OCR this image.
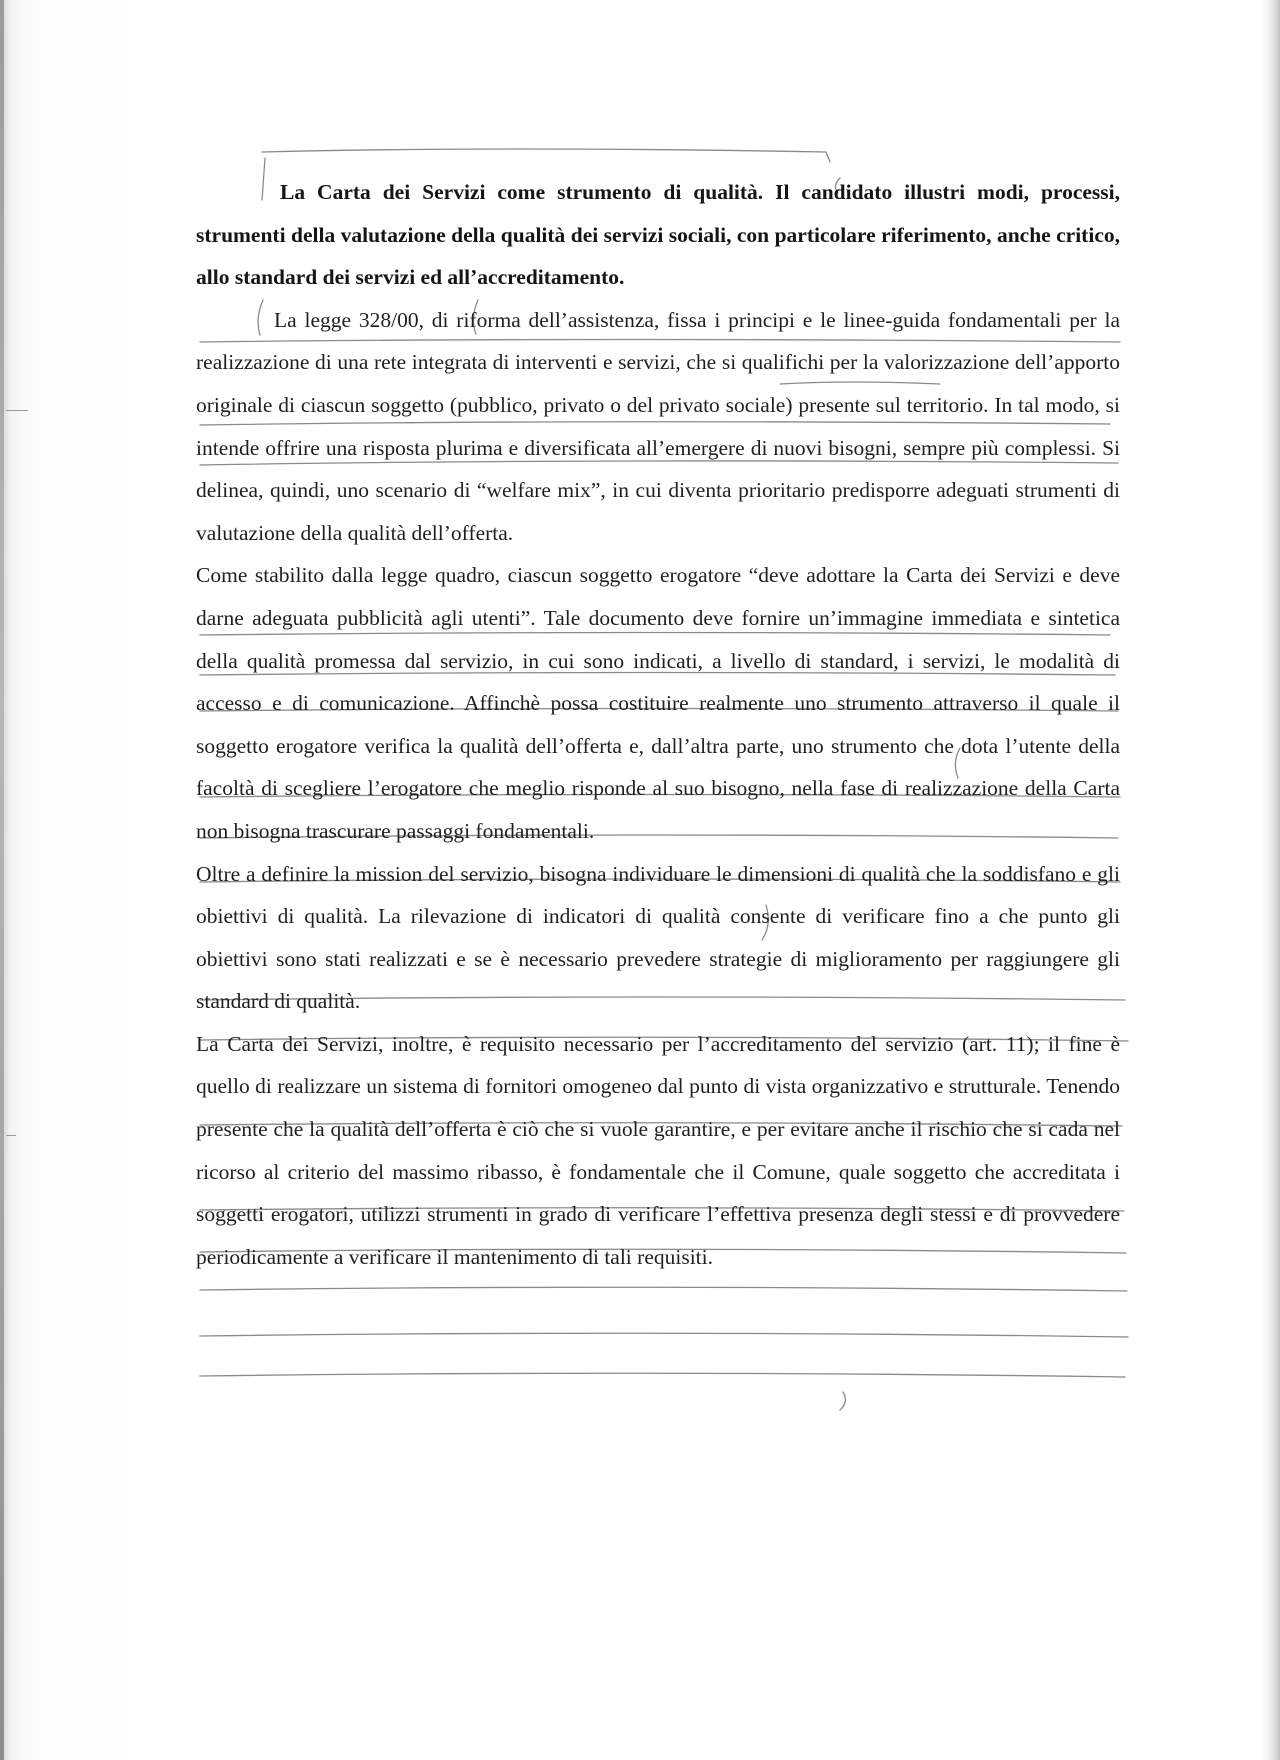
La Carta dei Servizi come strumento di qualità. Il candidato illustri modi, processi, strumenti della valutazione della qualità dei servizi sociali, con particolare riferimento, anche critico, allo standard dei servizi ed all’accreditamento.

La legge 328/00, di riforma dell’assistenza, fissa i principi e le linee-guida fondamentali per la realizzazione di una rete integrata di interventi e servizi, che si qualifichi per la valorizzazione dell’apporto originale di ciascun soggetto (pubblico, privato o del privato sociale) presente sul territorio. In tal modo, si intende offrire una risposta plurima e diversificata all’emergere di nuovi bisogni, sempre più complessi. Si delinea, quindi, uno scenario di “welfare mix”, in cui diventa prioritario predisporre adeguati strumenti di valutazione della qualità dell’offerta.

Come stabilito dalla legge quadro, ciascun soggetto erogatore “deve adottare la Carta dei Servizi e deve darne adeguata pubblicità agli utenti”. Tale documento deve fornire un’immagine immediata e sintetica della qualità promessa dal servizio, in cui sono indicati, a livello di standard, i servizi, le modalità di accesso e di comunicazione. Affinchè possa costituire realmente uno strumento attraverso il quale il soggetto erogatore verifica la qualità dell’offerta e, dall’altra parte, uno strumento che dota l’utente della facoltà di scegliere l’erogatore che meglio risponde al suo bisogno, nella fase di realizzazione della Carta non bisogna trascurare passaggi fondamentali.

Oltre a definire la mission del servizio, bisogna individuare le dimensioni di qualità che la soddisfano e gli obiettivi di qualità. La rilevazione di indicatori di qualità consente di verificare fino a che punto gli obiettivi sono stati realizzati e se è necessario prevedere strategie di miglioramento per raggiungere gli standard di qualità.

La Carta dei Servizi, inoltre, è requisito necessario per l’accreditamento del servizio (art. 11); il fine è quello di realizzare un sistema di fornitori omogeneo dal punto di vista organizzativo e strutturale. Tenendo presente che la qualità dell’offerta è ciò che si vuole garantire, e per evitare anche il rischio che si cada nel ricorso al criterio del massimo ribasso, è fondamentale che il Comune, quale soggetto che accreditata i soggetti erogatori, utilizzi strumenti in grado di verificare l’effettiva presenza degli stessi e di provvedere periodicamente a verificare il mantenimento di tali requisiti.
